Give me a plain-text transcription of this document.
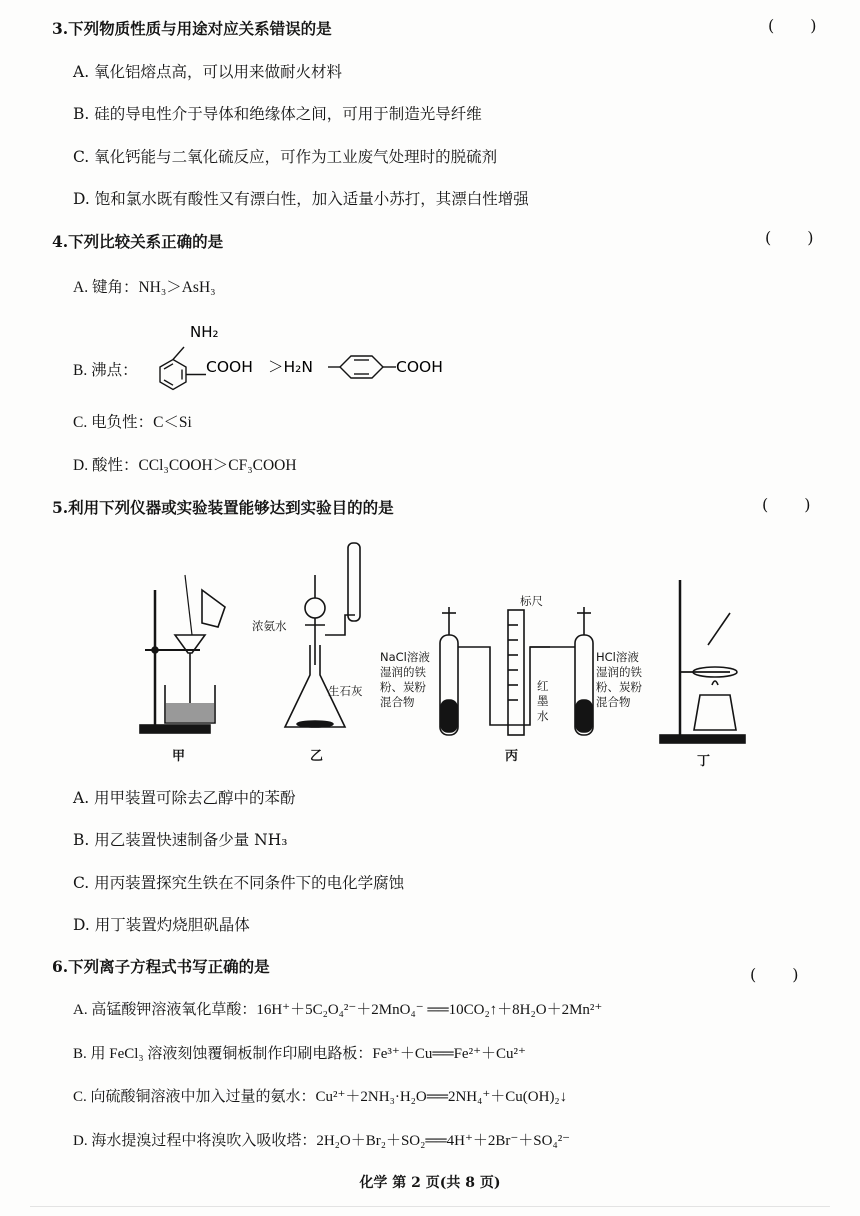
3.下列物质性质与用途对应关系错误的是	( )
A. 氧化铝熔点高，可以用来做耐火材料
B. 硅的导电性介于导体和绝缘体之间，可用于制造光导纤维
C. 氧化钙能与二氧化硫反应，可作为工业废气处理时的脱硫剂
D. 饱和氯水既有酸性又有漂白性，加入适量小苏打，其漂白性增强
4.下列比较关系正确的是	( )
A. 键角：NH₃＞AsH₃
B. 沸点：
NH₂
COOH ＞H₂N	COOH
C. 电负性：C＜Si
D. 酸性：CCl₃COOH＞CF₃COOH
5.利用下列仪器或实验装置能够达到实验目的的是	( )
浓氨水
生石灰
标尺
NaCl溶液
湿润的铁
粉、炭粉
混合物
HCl溶液
湿润的铁
粉、炭粉
混合物
红
墨
水
甲	乙	丙	丁
A. 用甲装置可除去乙醇中的苯酚
B. 用乙装置快速制备少量 NH₃
C. 用丙装置探究生铁在不同条件下的电化学腐蚀
D. 用丁装置灼烧胆矾晶体
6.下列离子方程式书写正确的是	( )
A. 高锰酸钾溶液氧化草酸：16H⁺＋5C₂O₄²⁻＋2MnO₄⁻ ══10CO₂↑＋8H₂O＋2Mn²⁺
B. 用 FeCl₃ 溶液刻蚀覆铜板制作印刷电路板：Fe³⁺＋Cu══Fe²⁺＋Cu²⁺
C. 向硫酸铜溶液中加入过量的氨水：Cu²⁺＋2NH₃·H₂O══2NH₄⁺＋Cu(OH)₂↓
D. 海水提溴过程中将溴吹入吸收塔：2H₂O＋Br₂＋SO₂══4H⁺＋2Br⁻＋SO₄²⁻
化学 第 2 页(共 8 页)
